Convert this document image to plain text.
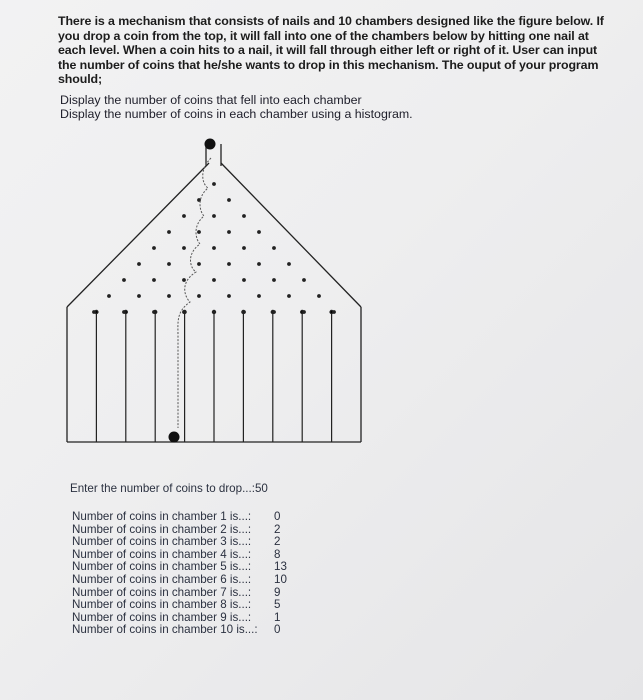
There is a mechanism that consists of nails and 10 chambers designed like the figure below. If you drop a coin from the top, it will fall into one of the chambers below by hitting one nail at each level. When a coin hits to a nail, it will fall through either left or right of it. User can input the number of coins that he/she wants to drop in this mechanism. The ouput of your program should;
Display the number of coins that fell into each chamber
Display the number of coins in each chamber using a histogram.
Enter the number of coins to drop...:50
Number of coins in chamber 1 is...: 0
Number of coins in chamber 2 is...: 2
Number of coins in chamber 3 is...: 2
Number of coins in chamber 4 is...: 8
Number of coins in chamber 5 is...: 13
Number of coins in chamber 6 is...: 10
Number of coins in chamber 7 is...: 9
Number of coins in chamber 8 is...: 5
Number of coins in chamber 9 is...: 1
Number of coins in chamber 10 is...: 0
